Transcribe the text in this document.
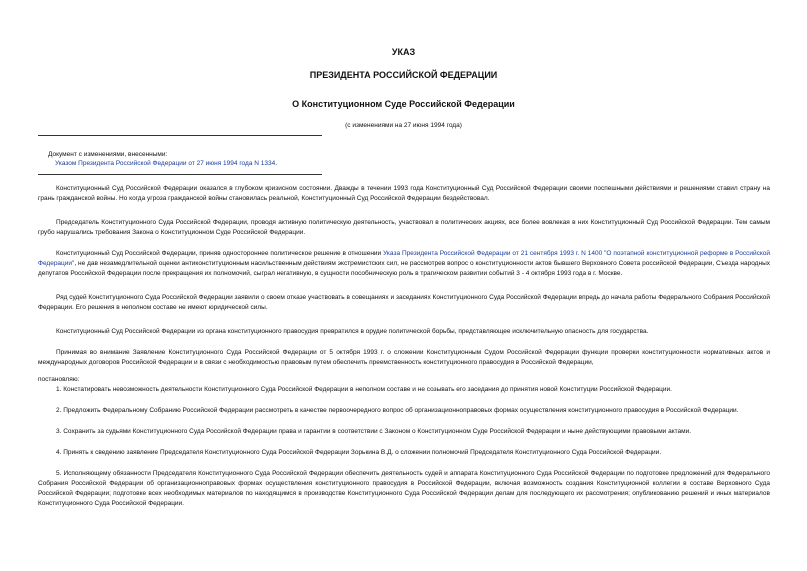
УКАЗ
ПРЕЗИДЕНТА РОССИЙСКОЙ ФЕДЕРАЦИИ
О Конституционном Суде Российской Федерации
(с изменениями на 27 июня 1994 года)
Документ с изменениями, внесенными:
Указом Президента Российской Федерации от 27 июня 1994 года N 1334.

Конституционный Суд Российской Федерации оказался в глубоком кризисном состоянии. Дважды в течении 1993 года Конституционный Суд Российской Федерации своими поспешными действиями и решениями ставил страну на грань гражданской войны. Но когда угроза гражданской войны становилась реальной, Конституционный Суд Российской Федерации бездействовал.

Председатель Конституционного Суда Российской Федерации, проводя активную политическую деятельность, участвовал в политических акциях, все более вовлекая в них Конституционный Суд Российской Федерации. Тем самым грубо нарушались требования Закона о Конституционном Суде Российской Федерации.

Конституционный Суд Российской Федерации, приняв одностороннее политическое решение в отношении Указа Президента Российской Федерации от 21 сентября 1993 г. N 1400 "О поэтапной конституционной реформе в Российской Федерации", не дав незамедлительной оценки антиконституционным насильственным действиям экстремистских сил, не рассмотрев вопрос о конституционности актов бывшего Верховного Совета российской Федерации, Съезда народных депутатов Российской Федерации после прекращения их полномочий, сыграл негативную, в сущности пособническую роль в трагическом развитии событий 3 - 4 октября 1993 года в г. Москве.

Ряд судей Конституционного Суда Российской Федерации заявили о своем отказе участвовать в совещаниях и заседаниях Конституционного Суда Российской Федерации впредь до начала работы Федерального Собрания Российской Федерации. Его решения в неполном составе не имеют юридической силы.

Конституционный Суд Российской Федерации из органа конституционного правосудия превратился в орудие политической борьбы, представляющее исключительную опасность для государства.

Принимая во внимание Заявление Конституционного Суда Российской Федерации от 5 октября 1993 г. о сложении Конституционным Судом Российской Федерации функции проверки конституционности нормативных актов и международных договоров Российской Федерации и в связи с необходимостью правовым путем обеспечить преемственность конституционного правосудия в Российской Федерации,

постановляю:

1. Констатировать невозможность деятельности Конституционного Суда Российской Федерации в неполном составе и не созывать его заседания до принятия новой Конституции Российской Федерации.

2. Предложить Федеральному Собранию Российской Федерации рассмотреть в качестве первоочередного вопрос об организационноправовых формах осуществления конституционного правосудия в Российской Федерации.

3. Сохранить за судьями Конституционного Суда Российской Федерации права и гарантии в соответствии с Законом о Конституционном Суде Российской Федерации и ныне действующими правовыми актами.

4. Принять к сведению заявление Председателя Конституционного Суда Российской Федерации Зорькина В.Д. о сложении полномочий Председателя Конституционного Суда Российской Федерации.

5. Исполняющему обязанности Председателя Конституционного Суда Российской Федерации обеспечить деятельность судей и аппарата Конституционного Суда Российской Федерации по подготовке предложений для Федерального Собрания Российской Федерации об организационноправовых формах осуществления конституционного правосудия в Российской Федерации, включая возможность создания Конституционной коллегии в составе Верховного Суда Российской Федерации; подготовке всех необходимых материалов по находящимся в производстве Конституционного Суда Российской Федерации делам для последующего их рассмотрения; опубликованию решений и иных материалов Конституционного Суда Российской Федерации.
